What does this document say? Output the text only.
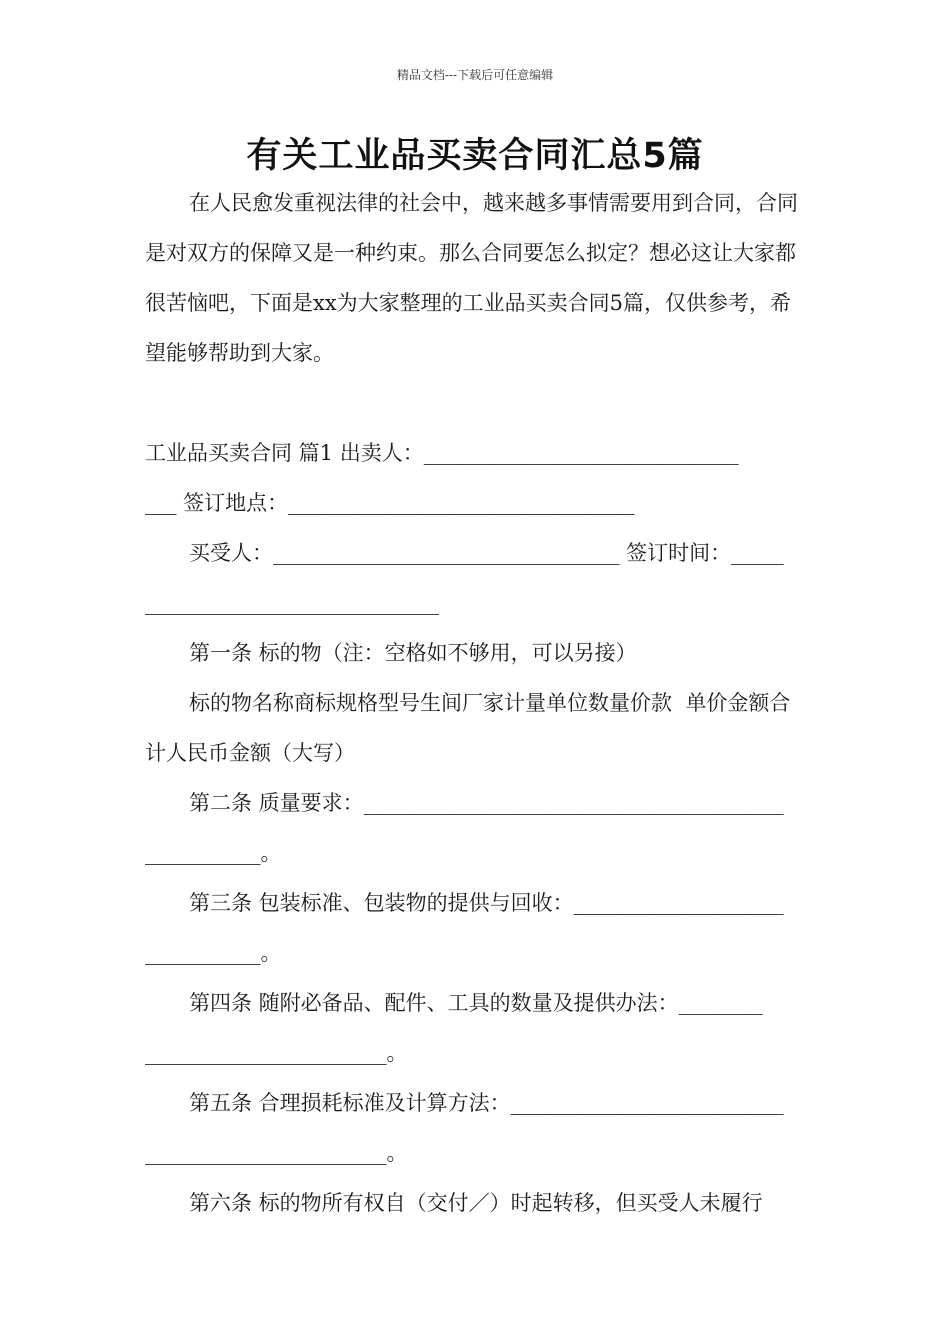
精品文档---下载后可任意编辑
有关工业品买卖合同汇总5篇

在人民愈发重视法律的社会中，越来越多事情需要用到合同，合同是对双方的保障又是一种约束。那么合同要怎么拟定？想必这让大家都很苦恼吧，下面是xx为大家整理的工业品买卖合同5篇，仅供参考，希望能够帮助到大家。

工业品买卖合同 篇1 出卖人：______________________________
___ 签订地点：_________________________________
买受人：_________________________________ 签订时间：_____
____________________________
第一条 标的物（注：空格如不够用，可以另接）

标的物名称商标规格型号生间厂家计量单位数量价款  单价金额合计人民币金额（大写）

第二条 质量要求：________________________________________
___________。
第三条 包装标准、包装物的提供与回收：____________________
___________。
第四条 随附必备品、配件、工具的数量及提供办法：________
_______________________。
第五条 合理损耗标准及计算方法：__________________________
_______________________。
第六条 标的物所有权自（交付／）时起转移，但买受人未履行
